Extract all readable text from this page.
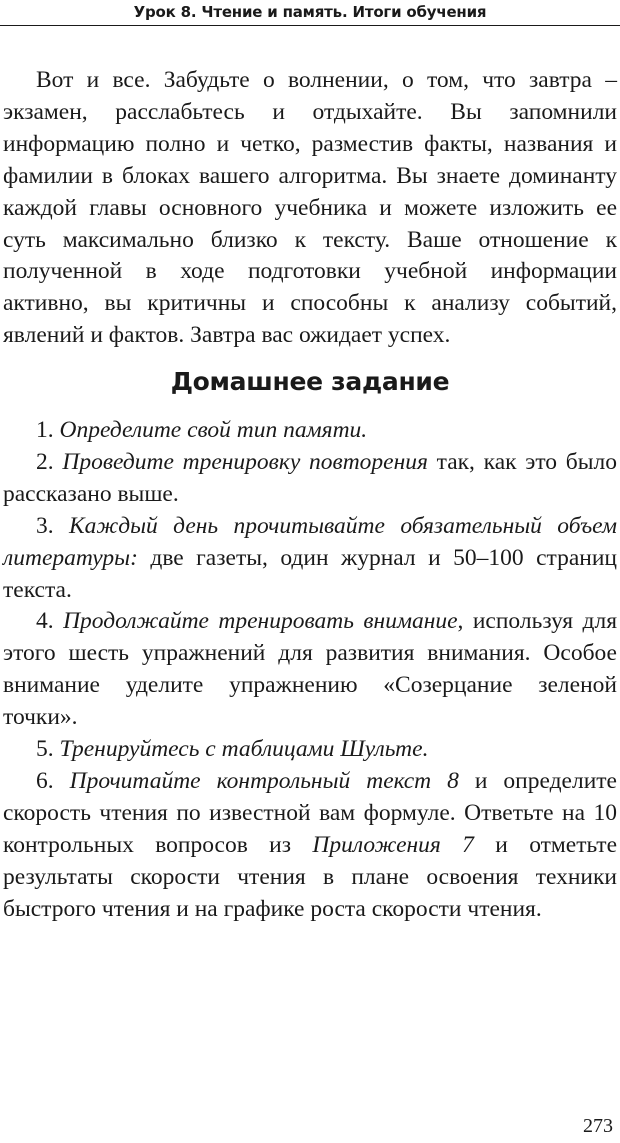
Урок 8. Чтение и память. Итоги обучения

Вот и все. Забудьте о волнении, о том, что завтра – экзамен, расслабьтесь и отдыхайте. Вы запомнили информацию полно и четко, разместив факты, названия и фамилии в блоках вашего алгоритма. Вы знаете доминанту каждой главы основного учебника и можете изложить ее суть максимально близко к тексту. Ваше отношение к полученной в ходе подготовки учебной информации активно, вы критичны и способны к анализу событий, явлений и фактов. Завтра вас ожидает успех.

Домашнее задание

1. Определите свой тип памяти.

2. Проведите тренировку повторения так, как это было рассказано выше.

3. Каждый день прочитывайте обязательный объем литературы: две газеты, один журнал и 50–100 страниц текста.

4. Продолжайте тренировать внимание, используя для этого шесть упражнений для развития внимания. Особое внимание уделите упражнению «Созерцание зеленой точки».

5. Тренируйтесь с таблицами Шульте.

6. Прочитайте контрольный текст 8 и определите скорость чтения по известной вам формуле. Ответьте на 10 контрольных вопросов из Приложения 7 и отметьте результаты скорости чтения в плане освоения техники быстрого чтения и на графике роста скорости чтения.

273
